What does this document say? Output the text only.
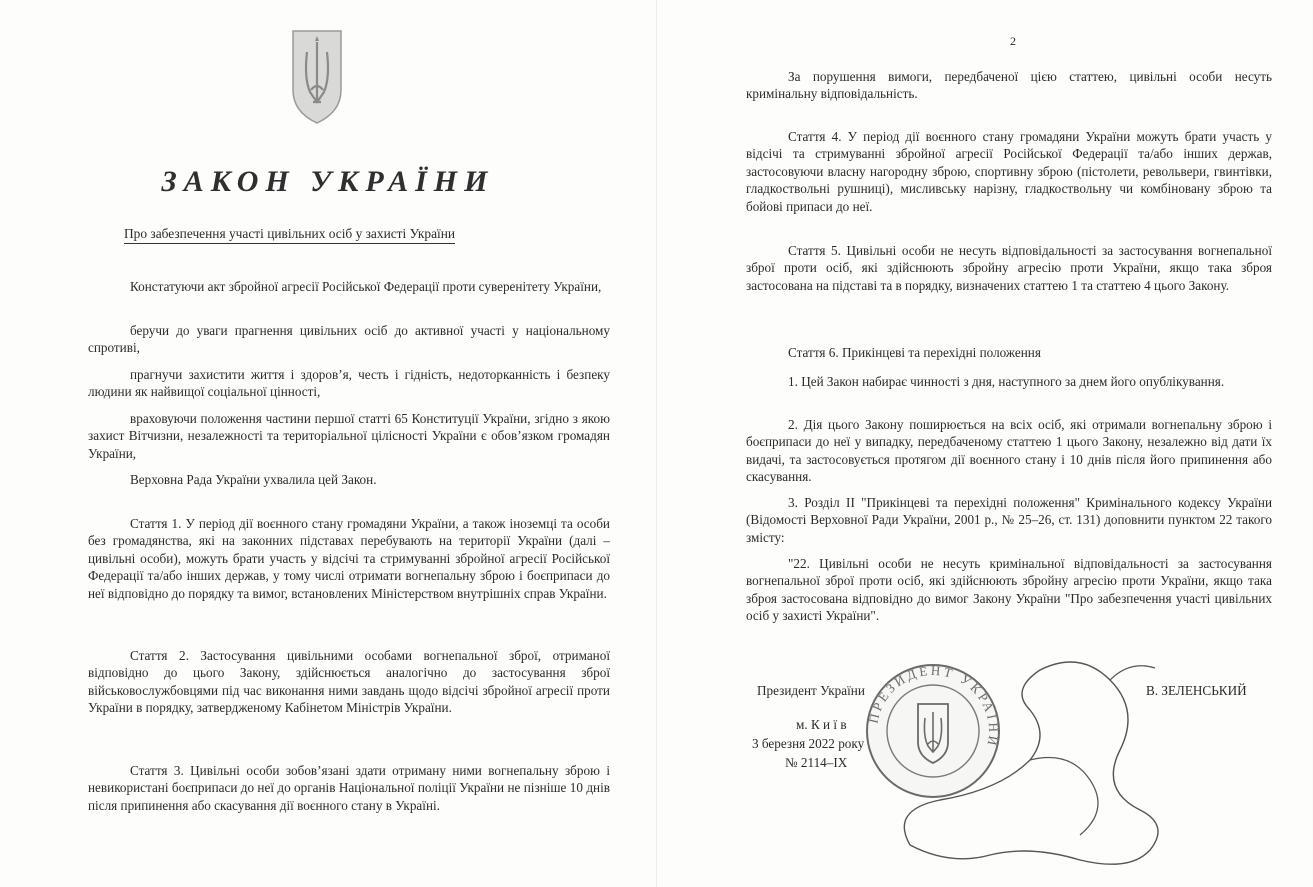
ЗАКОН УКРАЇНИ
Про забезпечення участі цивільних осіб у захисті України

Констатуючи акт збройної агресії Російської Федерації проти суверенітету України,

беручи до уваги прагнення цивільних осіб до активної участі у національному спротиві,

прагнучи захистити життя і здоров’я, честь і гідність, недоторканність і безпеку людини як найвищої соціальної цінності,

враховуючи положення частини першої статті 65 Конституції України, згідно з якою захист Вітчизни, незалежності та територіальної цілісності України є обов’язком громадян України,

Верховна Рада України ухвалила цей Закон.

Стаття 1. У період дії воєнного стану громадяни України, а також іноземці та особи без громадянства, які на законних підставах перебувають на території України (далі – цивільні особи), можуть брати участь у відсічі та стримуванні збройної агресії Російської Федерації та/або інших держав, у тому числі отримати вогнепальну зброю і боєприпаси до неї відповідно до порядку та вимог, встановлених Міністерством внутрішніх справ України.

Стаття 2. Застосування цивільними особами вогнепальної зброї, отриманої відповідно до цього Закону, здійснюється аналогічно до застосування зброї військовослужбовцями під час виконання ними завдань щодо відсічі збройної агресії проти України в порядку, затвердженому Кабінетом Міністрів України.

Стаття 3. Цивільні особи зобов’язані здати отриману ними вогнепальну зброю і невикористані боєприпаси до неї до органів Національної поліції України не пізніше 10 днів після припинення або скасування дії воєнного стану в Україні.

2

За порушення вимоги, передбаченої цією статтею, цивільні особи несуть кримінальну відповідальність.

Стаття 4. У період дії воєнного стану громадяни України можуть брати участь у відсічі та стримуванні збройної агресії Російської Федерації та/або інших держав, застосовуючи власну нагородну зброю, спортивну зброю (пістолети, револьвери, гвинтівки, гладкоствольні рушниці), мисливську нарізну, гладкоствольну чи комбіновану зброю та бойові припаси до неї.

Стаття 5. Цивільні особи не несуть відповідальності за застосування вогнепальної зброї проти осіб, які здійснюють збройну агресію проти України, якщо така зброя застосована на підставі та в порядку, визначених статтею 1 та статтею 4 цього Закону.

Стаття 6. Прикінцеві та перехідні положення

1. Цей Закон набирає чинності з дня, наступного за днем його опублікування.

2. Дія цього Закону поширюється на всіх осіб, які отримали вогнепальну зброю і боєприпаси до неї у випадку, передбаченому статтею 1 цього Закону, незалежно від дати їх видачі, та застосовується протягом дії воєнного стану і 10 днів після його припинення або скасування.

3. Розділ ІІ "Прикінцеві та перехідні положення" Кримінального кодексу України (Відомості Верховної Ради України, 2001 р., № 25–26, ст. 131) доповнити пунктом 22 такого змісту:

"22. Цивільні особи не несуть кримінальної відповідальності за застосування вогнепальної зброї проти осіб, які здійснюють збройну агресію проти України, якщо така зброя застосована відповідно до вимог Закону України "Про забезпечення участі цивільних осіб у захисті України".

Президент України	В. ЗЕЛЕНСЬКИЙ
м. К и ї в
3 березня 2022 року
№ 2114–IX
ПРЕЗИДЕНТ УКРАЇНИ
